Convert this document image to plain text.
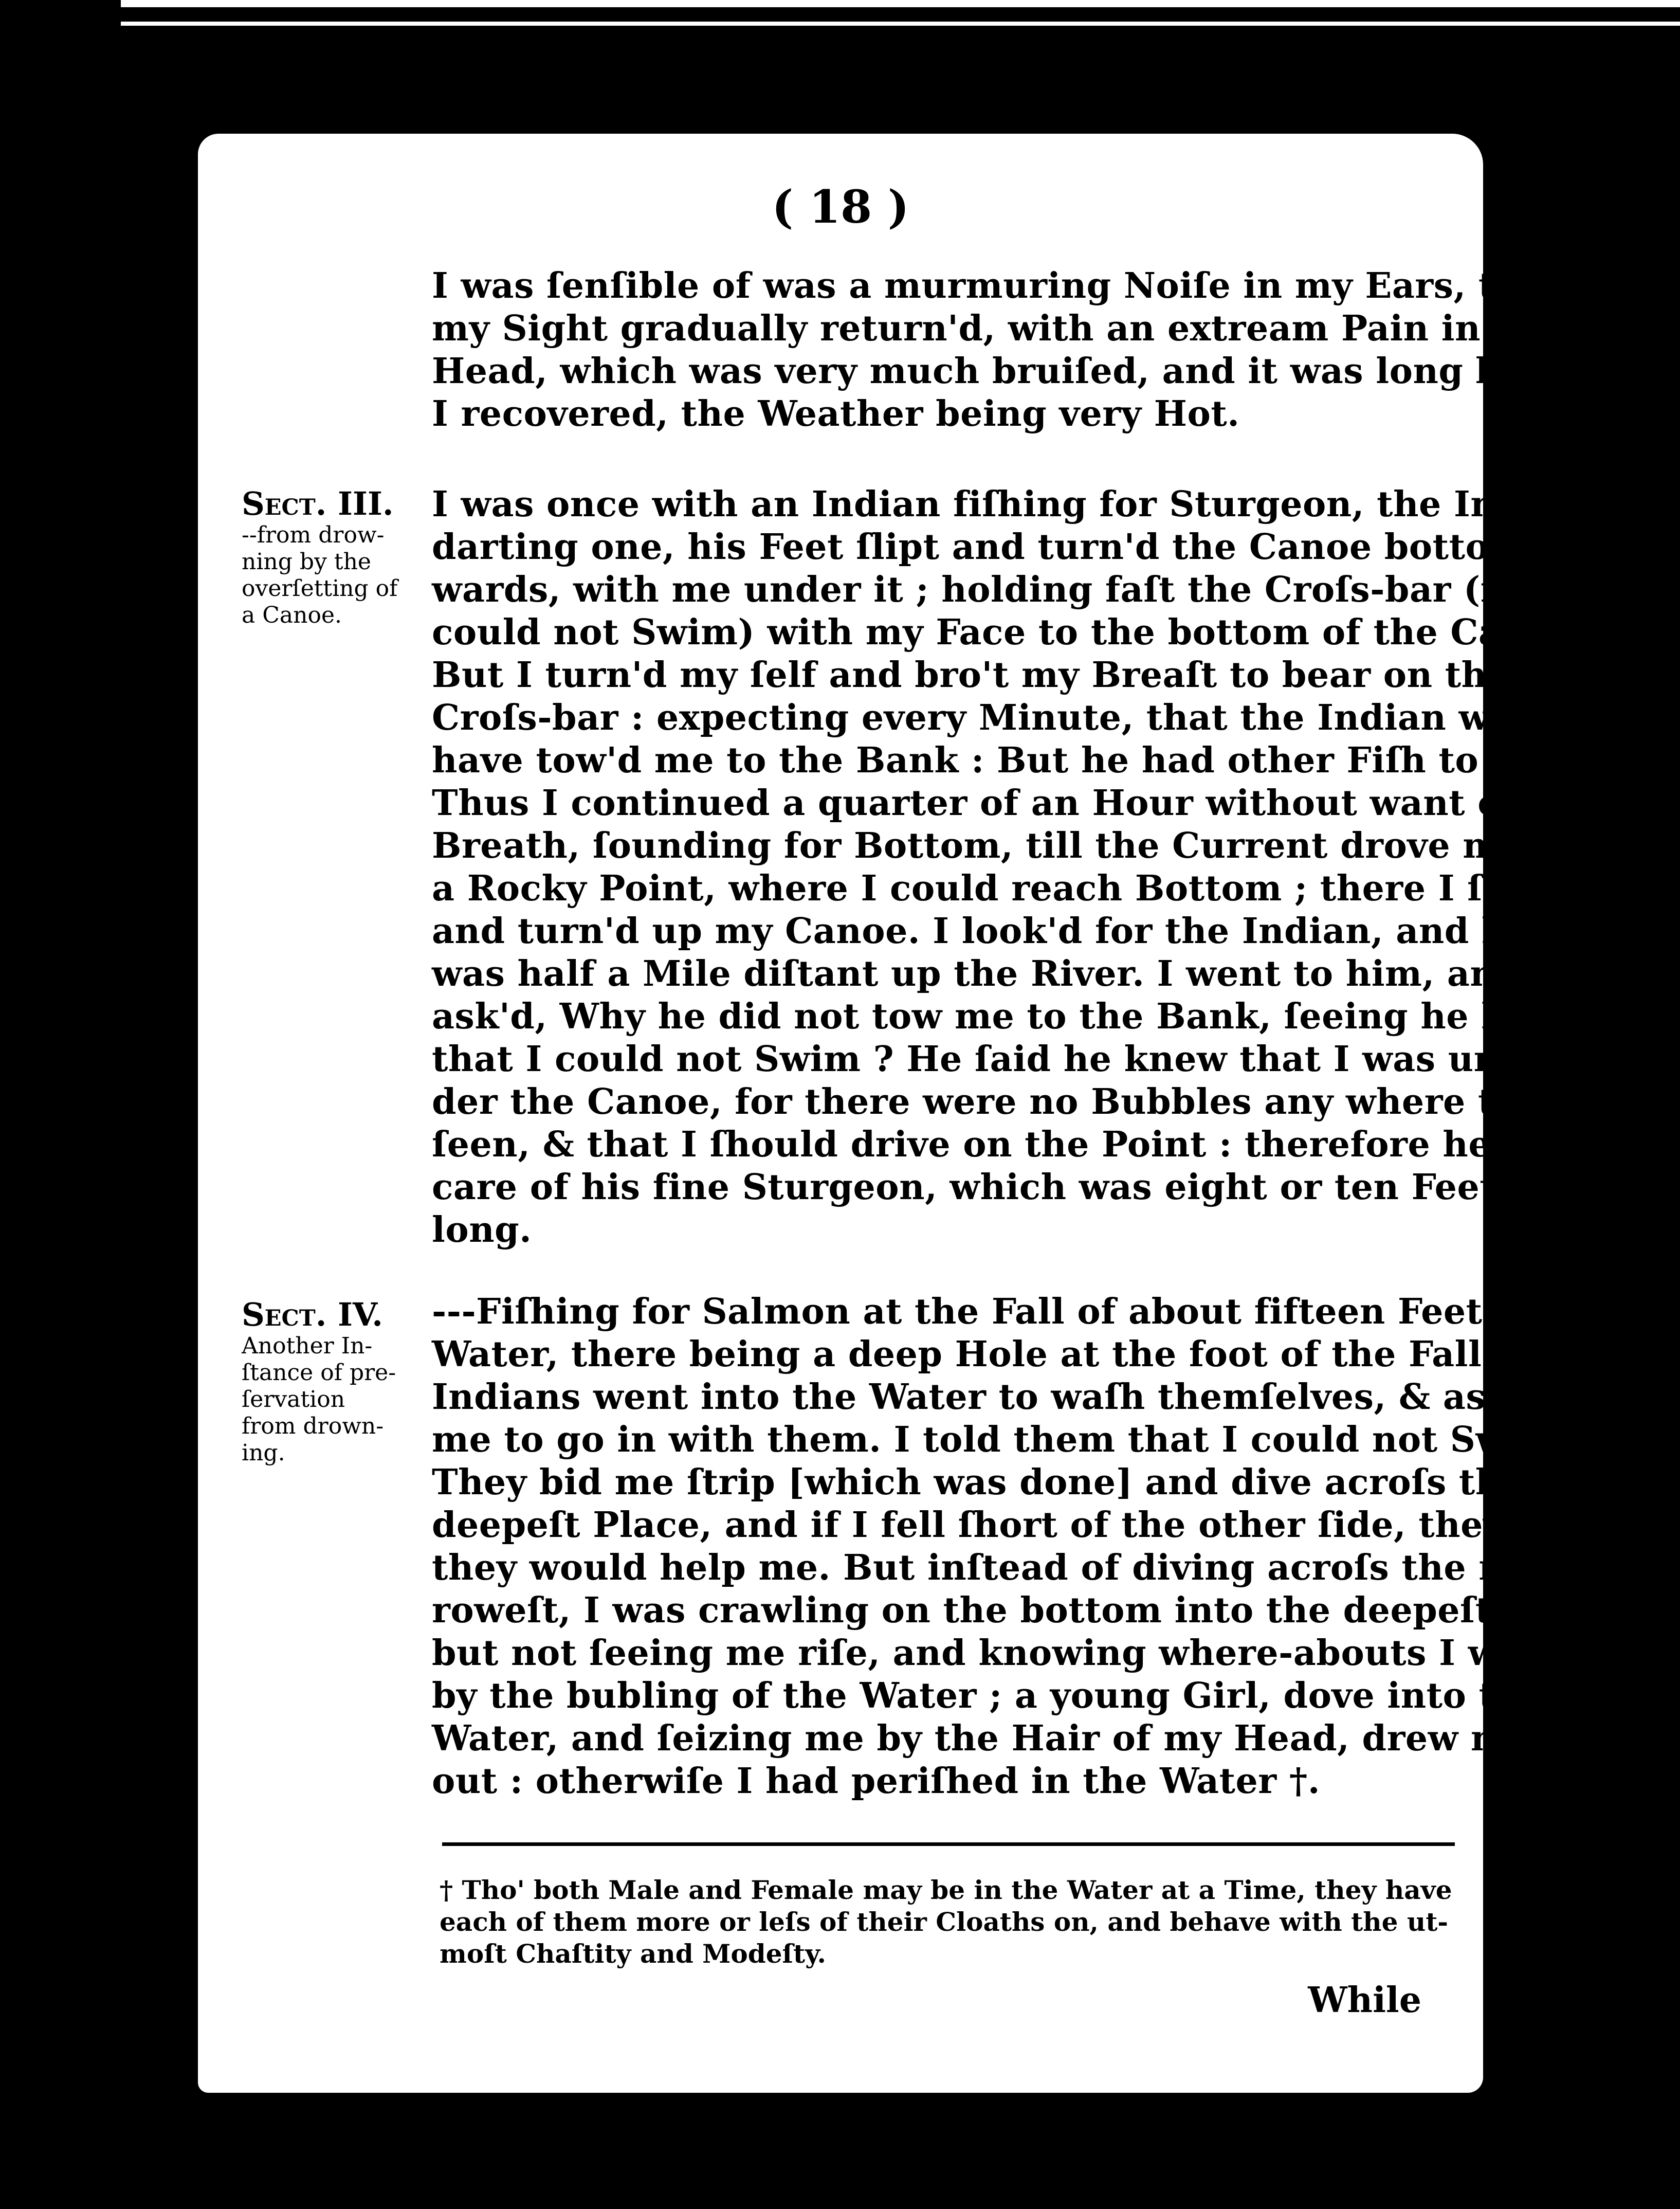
( 18 )
I was ſenſible of was a murmuring Noiſe in my Ears, then
my Sight gradually return'd, with an extream Pain in my
Head, which was very much bruiſed, and it was long before
I recovered, the Weather being very Hot.
I was once with an Indian fiſhing for Sturgeon, the Indian
darting one, his Feet ſlipt and turn'd the Canoe bottom up-
wards, with me under it ; holding faſt the Croſs-bar (for I
could not Swim) with my Face to the bottom of the Canoe.
But I turn'd my ſelf and bro't my Breaſt to bear on the
Croſs-bar : expecting every Minute, that the Indian wou'd
have tow'd me to the Bank : But he had other Fiſh to Fry!
Thus I continued a quarter of an Hour without want of
Breath, ſounding for Bottom, till the Current drove me on
a Rocky Point, where I could reach Bottom ; there I ſtop'd
and turn'd up my Canoe. I look'd for the Indian, and he
was half a Mile diſtant up the River. I went to him, and
ask'd, Why he did not tow me to the Bank, ſeeing he knew
that I could not Swim ? He ſaid he knew that I was un-
der the Canoe, for there were no Bubbles any where to be
ſeen, & that I ſhould drive on the Point : therefore he took
care of his fine Sturgeon, which was eight or ten Feet
long.
---Fiſhing for Salmon at the Fall of about fifteen Feet of
Water, there being a deep Hole at the foot of the Fall ; the
Indians went into the Water to waſh themſelves, & asked
me to go in with them. I told them that I could not Swim.
They bid me ſtrip [which was done] and dive acroſs the
deepeſt Place, and if I fell ſhort of the other ſide, they ſaid
they would help me. But inſtead of diving acroſs the nar-
roweſt, I was crawling on the bottom into the deepeſt Place :
but not ſeeing me riſe, and knowing where-abouts I was,
by the bubling of the Water ; a young Girl, dove into the
Water, and ſeizing me by the Hair of my Head, drew me
out : otherwiſe I had periſhed in the Water †.
Sect. III.
--from drow-
ning by the
overſetting of
a Canoe.
Sect. IV.
Another In-
ſtance of pre-
ſervation
from drown-
ing.
† Tho' both Male and Female may be in the Water at a Time, they have
each of them more or leſs of their Cloaths on, and behave with the ut-
moſt Chaſtity and Modeſty.
While
